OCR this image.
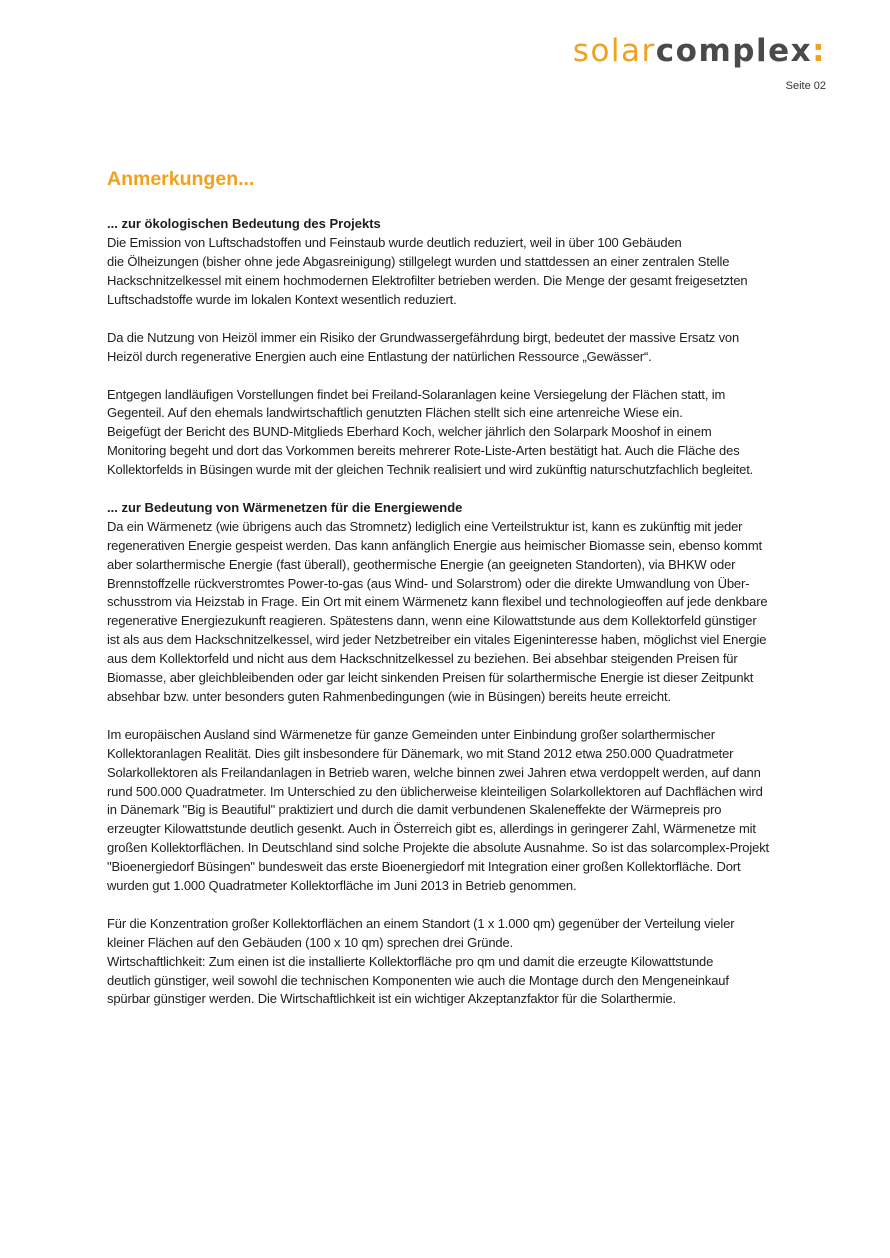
solarcomplex:
Seite 02
Anmerkungen...
... zur ökologischen Bedeutung des Projekts

Die Emission von Luftschadstoffen und Feinstaub wurde deutlich reduziert, weil in über 100 Gebäuden
die Ölheizungen (bisher ohne jede Abgasreinigung) stillgelegt wurden und stattdessen an einer zentralen Stelle
Hackschnitzelkessel mit einem hochmodernen Elektrofilter betrieben werden. Die Menge der gesamt freigesetzten
Luftschadstoffe wurde im lokalen Kontext wesentlich reduziert.

Da die Nutzung von Heizöl immer ein Risiko der Grundwassergefährdung birgt, bedeutet der massive Ersatz von
Heizöl durch regenerative Energien auch eine Entlastung der natürlichen Ressource „Gewässer“.

Entgegen landläufigen Vorstellungen findet bei Freiland-Solaranlagen keine Versiegelung der Flächen statt, im
Gegenteil. Auf den ehemals landwirtschaftlich genutzten Flächen stellt sich eine artenreiche Wiese ein.
Beigefügt der Bericht des BUND-Mitglieds Eberhard Koch, welcher jährlich den Solarpark Mooshof in einem
Monitoring begeht und dort das Vorkommen bereits mehrerer Rote-Liste-Arten bestätigt hat. Auch die Fläche des
Kollektorfelds in Büsingen wurde mit der gleichen Technik realisiert und wird zukünftig naturschutzfachlich begleitet.

... zur Bedeutung von Wärmenetzen für die Energiewende

Da ein Wärmenetz (wie übrigens auch das Stromnetz) lediglich eine Verteilstruktur ist, kann es zukünftig mit jeder
regenerativen Energie gespeist werden. Das kann anfänglich Energie aus heimischer Biomasse sein, ebenso kommt
aber solarthermische Energie (fast überall), geothermische Energie (an geeigneten Standorten), via BHKW oder
Brennstoffzelle rückverstromtes Power-to-gas (aus Wind- und Solarstrom) oder die direkte Umwandlung von Über-
schusstrom via Heizstab in Frage. Ein Ort mit einem Wärmenetz kann flexibel und technologieoffen auf jede denkbare
regenerative Energiezukunft reagieren. Spätestens dann, wenn eine Kilowattstunde aus dem Kollektorfeld günstiger
ist als aus dem Hackschnitzelkessel, wird jeder Netzbetreiber ein vitales Eigeninteresse haben, möglichst viel Energie
aus dem Kollektorfeld und nicht aus dem Hackschnitzelkessel zu beziehen. Bei absehbar steigenden Preisen für
Biomasse, aber gleichbleibenden oder gar leicht sinkenden Preisen für solarthermische Energie ist dieser Zeitpunkt
absehbar bzw. unter besonders guten Rahmenbedingungen (wie in Büsingen) bereits heute erreicht.

Im europäischen Ausland sind Wärmenetze für ganze Gemeinden unter Einbindung großer solarthermischer
Kollektoranlagen Realität. Dies gilt insbesondere für Dänemark, wo mit Stand 2012 etwa 250.000 Quadratmeter
Solarkollektoren als Freilandanlagen in Betrieb waren, welche binnen zwei Jahren etwa verdoppelt werden, auf dann
rund 500.000 Quadratmeter. Im Unterschied zu den üblicherweise kleinteiligen Solarkollektoren auf Dachflächen wird
in Dänemark "Big is Beautiful" praktiziert und durch die damit verbundenen Skaleneffekte der Wärmepreis pro
erzeugter Kilowattstunde deutlich gesenkt. Auch in Österreich gibt es, allerdings in geringerer Zahl, Wärmenetze mit
großen Kollektorflächen. In Deutschland sind solche Projekte die absolute Ausnahme. So ist das solarcomplex-Projekt
"Bioenergiedorf Büsingen" bundesweit das erste Bioenergiedorf mit Integration einer großen Kollektorfläche. Dort
wurden gut 1.000 Quadratmeter Kollektorfläche im Juni 2013 in Betrieb genommen.

Für die Konzentration großer Kollektorflächen an einem Standort (1 x 1.000 qm) gegenüber der Verteilung vieler
kleiner Flächen auf den Gebäuden (100 x 10 qm) sprechen drei Gründe.
Wirtschaftlichkeit: Zum einen ist die installierte Kollektorfläche pro qm und damit die erzeugte Kilowattstunde
deutlich günstiger, weil sowohl die technischen Komponenten wie auch die Montage durch den Mengeneinkauf
spürbar günstiger werden. Die Wirtschaftlichkeit ist ein wichtiger Akzeptanzfaktor für die Solarthermie.
